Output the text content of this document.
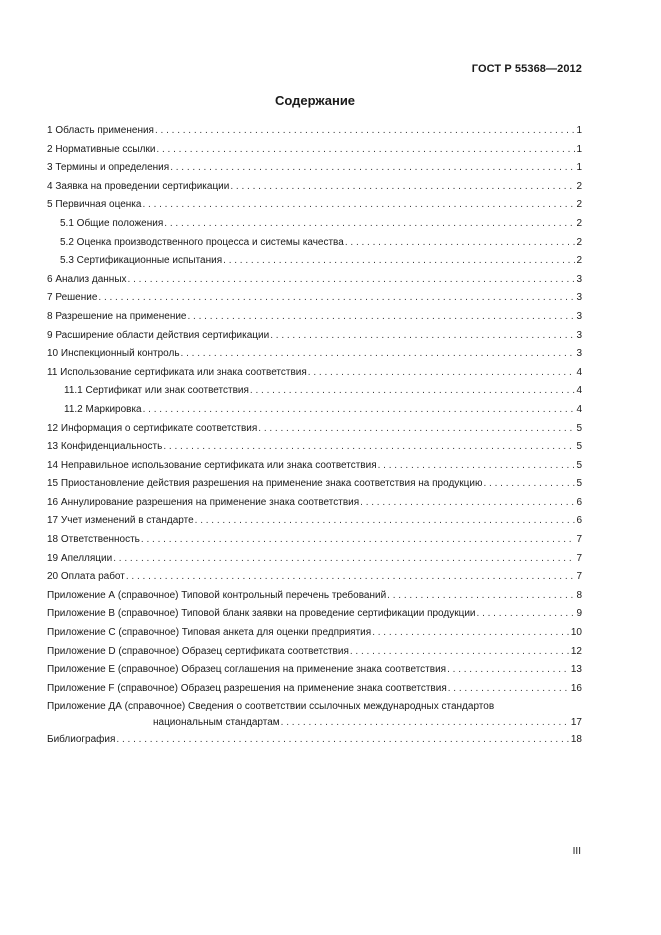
ГОСТ Р 55368—2012
Содержание
1 Область применения . . .	1
2 Нормативные ссылки . . .	1
3 Термины и определения . . .	1
4 Заявка на проведении сертификации . . .	2
5 Первичная оценка . . .	2
5.1 Общие положения . . .	2
5.2 Оценка производственного процесса и системы качества . . .	2
5.3 Сертификационные испытания . . .	2
6 Анализ данных . . .	3
7 Решение . . .	3
8 Разрешение на применение . . .	3
9 Расширение области действия сертификации . . .	3
10 Инспекционный контроль . . .	3
11 Использование сертификата или знака соответствия . . .	4
11.1 Сертификат или знак соответствия . . .	4
11.2 Маркировка . . .	4
12 Информация о сертификате соответствия . . .	5
13 Конфиденциальность . . .	5
14 Неправильное использование сертификата или знака соответствия . . .	5
15 Приостановление действия разрешения на применение знака соответствия на продукцию . . .	5
16 Аннулирование разрешения на применение знака соответствия . . .	6
17 Учет изменений в стандарте . . .	6
18 Ответственность . . .	7
19 Апелляции . . .	7
20 Оплата работ . . .	7
Приложение А (справочное) Типовой контрольный перечень требований . . .	8
Приложение В (справочное) Типовой бланк заявки на проведение сертификации продукции . . .	9
Приложение С (справочное) Типовая анкета для оценки предприятия . . .	10
Приложение D (справочное) Образец сертификата соответствия . . .	12
Приложение Е (справочное) Образец соглашения на применение знака соответствия . . .	13
Приложение F (справочное) Образец разрешения на применение знака соответствия . . .	16
Приложение ДА (справочное) Сведения о соответствии ссылочных международных стандартов
национальным стандартам . . .	17
Библиография . . .	18
III
